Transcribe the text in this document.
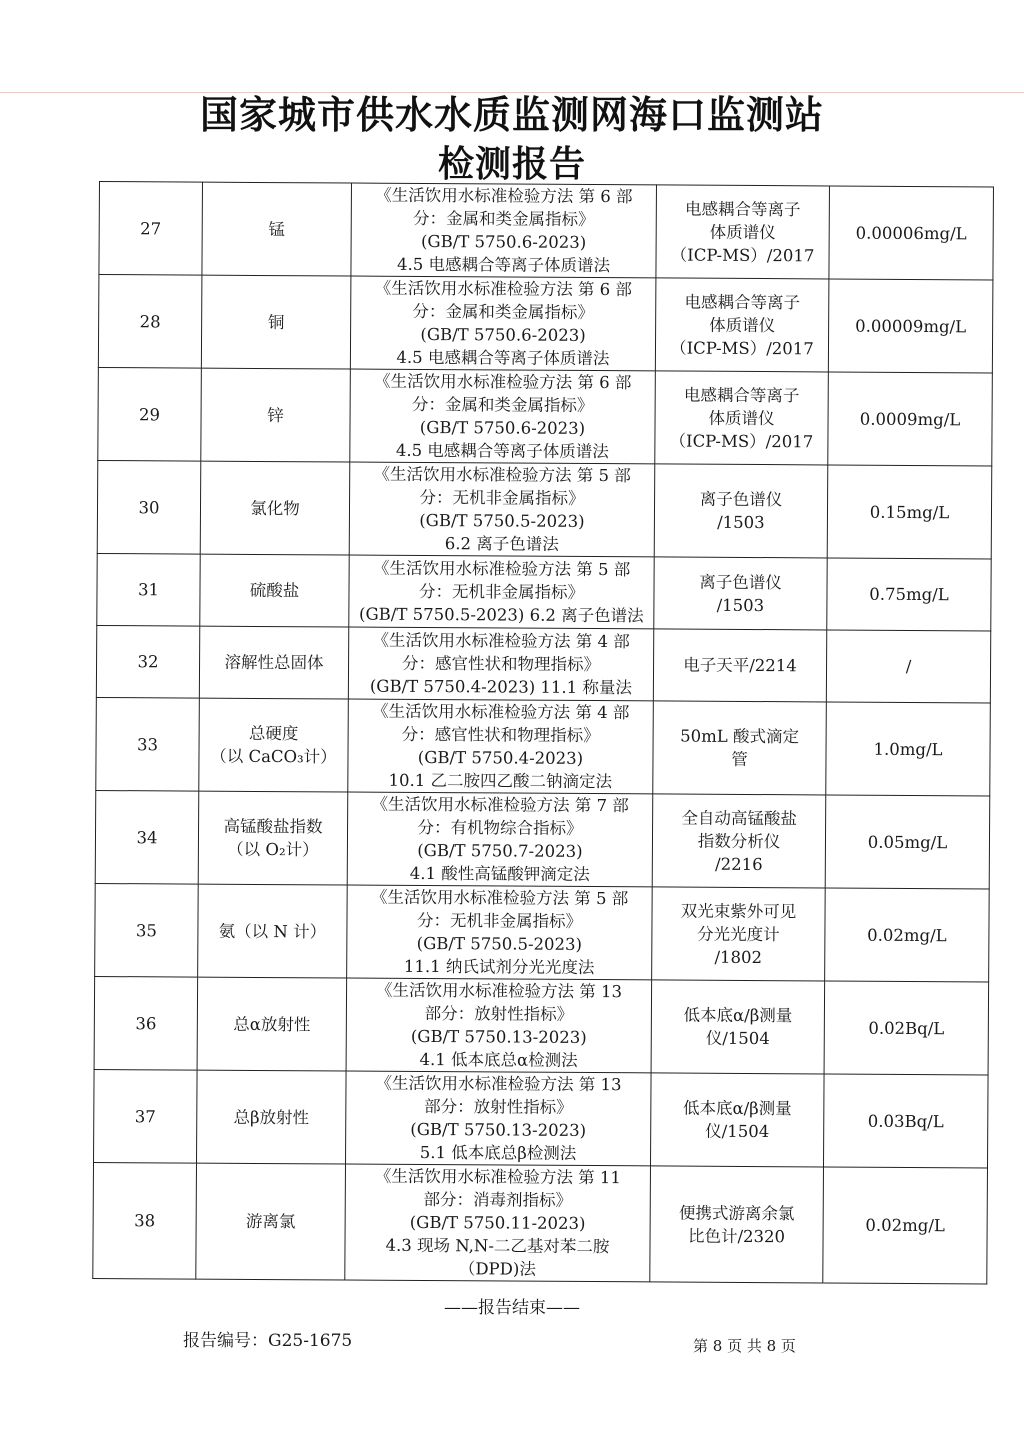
国家城市供水水质监测网海口监测站
检测报告
27	锰	《生活饮用水标准检验方法 第 6 部
分：金属和类金属指标》
(GB/T 5750.6-2023)
4.5 电感耦合等离子体质谱法	电感耦合等离子
体质谱仪
（ICP-MS）/2017	0.00006mg/L
28	铜	《生活饮用水标准检验方法 第 6 部
分：金属和类金属指标》
(GB/T 5750.6-2023)
4.5 电感耦合等离子体质谱法	电感耦合等离子
体质谱仪
（ICP-MS）/2017	0.00009mg/L
29	锌	《生活饮用水标准检验方法 第 6 部
分：金属和类金属指标》
(GB/T 5750.6-2023)
4.5 电感耦合等离子体质谱法	电感耦合等离子
体质谱仪
（ICP-MS）/2017	0.0009mg/L
30	氯化物	《生活饮用水标准检验方法 第 5 部
分：无机非金属指标》
(GB/T 5750.5-2023)
6.2 离子色谱法	离子色谱仪
/1503	0.15mg/L
31	硫酸盐	《生活饮用水标准检验方法 第 5 部
分：无机非金属指标》
(GB/T 5750.5-2023) 6.2 离子色谱法	离子色谱仪
/1503	0.75mg/L
32	溶解性总固体	《生活饮用水标准检验方法 第 4 部
分：感官性状和物理指标》
(GB/T 5750.4-2023) 11.1 称量法	电子天平/2214	/
33	总硬度
（以 CaCO₃计）	《生活饮用水标准检验方法 第 4 部
分：感官性状和物理指标》
(GB/T 5750.4-2023)
10.1 乙二胺四乙酸二钠滴定法	50mL 酸式滴定
管	1.0mg/L
34	高锰酸盐指数
（以 O₂计）	《生活饮用水标准检验方法 第 7 部
分：有机物综合指标》
(GB/T 5750.7-2023)
4.1 酸性高锰酸钾滴定法	全自动高锰酸盐
指数分析仪
/2216	0.05mg/L
35	氨（以 N 计）	《生活饮用水标准检验方法 第 5 部
分：无机非金属指标》
(GB/T 5750.5-2023)
11.1 纳氏试剂分光光度法	双光束紫外可见
分光光度计
/1802	0.02mg/L
36	总α放射性	《生活饮用水标准检验方法 第 13
部分：放射性指标》
(GB/T 5750.13-2023)
4.1 低本底总α检测法	低本底α/β测量
仪/1504	0.02Bq/L
37	总β放射性	《生活饮用水标准检验方法 第 13
部分：放射性指标》
(GB/T 5750.13-2023)
5.1 低本底总β检测法	低本底α/β测量
仪/1504	0.03Bq/L
38	游离氯	《生活饮用水标准检验方法 第 11
部分：消毒剂指标》
(GB/T 5750.11-2023)
4.3 现场 N,N-二乙基对苯二胺
（DPD)法	便携式游离余氯
比色计/2320	0.02mg/L
——报告结束——
报告编号：G25-1675	第 8 页 共 8 页
